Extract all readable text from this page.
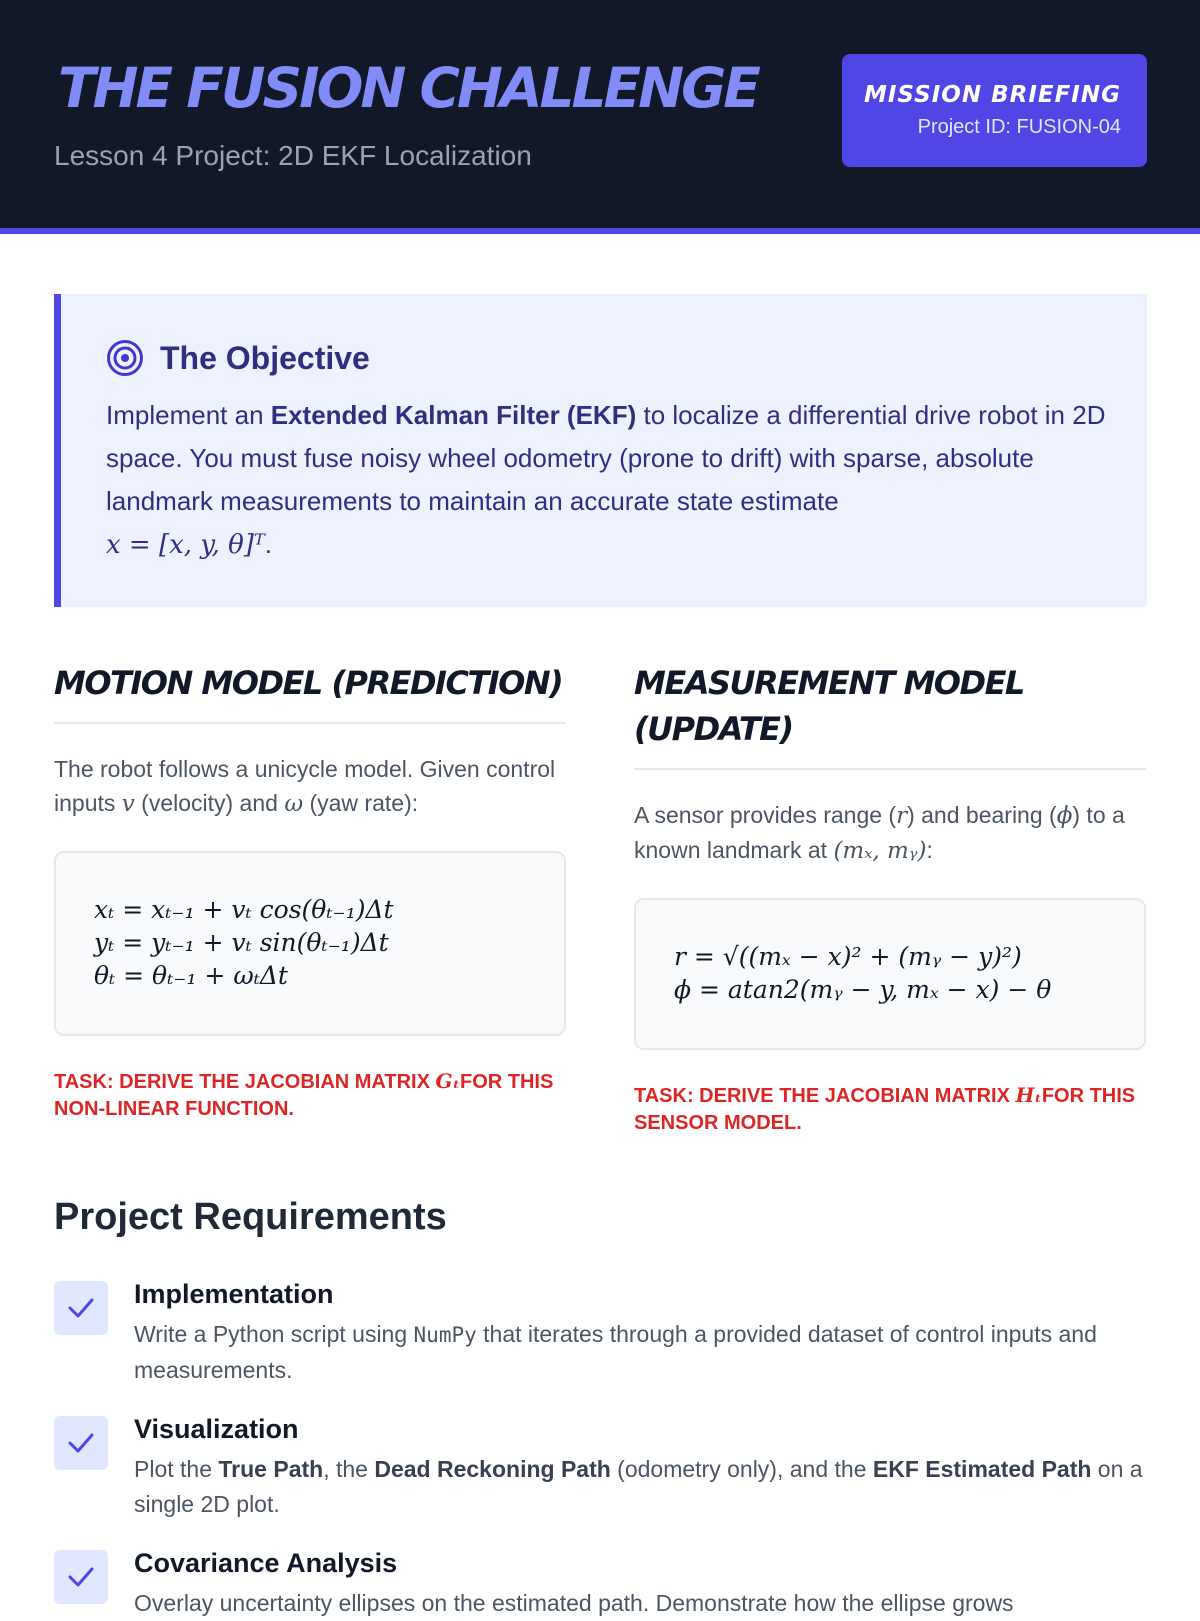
THE FUSION CHALLENGE
Lesson 4 Project: 2D EKF Localization
MISSION BRIEFING
Project ID: FUSION-04
The Objective
Implement an Extended Kalman Filter (EKF) to localize a differential drive robot in 2D space. You must fuse noisy wheel odometry (prone to drift) with sparse, absolute landmark measurements to maintain an accurate state estimate
x = [x, y, θ]ᵀ.
MOTION MODEL (PREDICTION)
The robot follows a unicycle model. Given control inputs v (velocity) and ω (yaw rate):
xₜ = xₜ₋₁ + vₜ cos(θₜ₋₁)Δt
yₜ = yₜ₋₁ + vₜ sin(θₜ₋₁)Δt
θₜ = θₜ₋₁ + ωₜΔt
TASK: DERIVE THE JACOBIAN MATRIX GₜFOR THIS NON-LINEAR FUNCTION.
MEASUREMENT MODEL (UPDATE)
A sensor provides range (r) and bearing (ϕ) to a known landmark at (mₓ, mᵧ):
r = √((mₓ − x)² + (mᵧ − y)²)
ϕ = atan2(mᵧ − y, mₓ − x) − θ
TASK: DERIVE THE JACOBIAN MATRIX HₜFOR THIS SENSOR MODEL.
Project Requirements
Implementation
Write a Python script using NumPy that iterates through a provided dataset of control inputs and measurements.
Visualization
Plot the True Path, the Dead Reckoning Path (odometry only), and the EKF Estimated Path on a single 2D plot.
Covariance Analysis
Overlay uncertainty ellipses on the estimated path. Demonstrate how the ellipse grows
